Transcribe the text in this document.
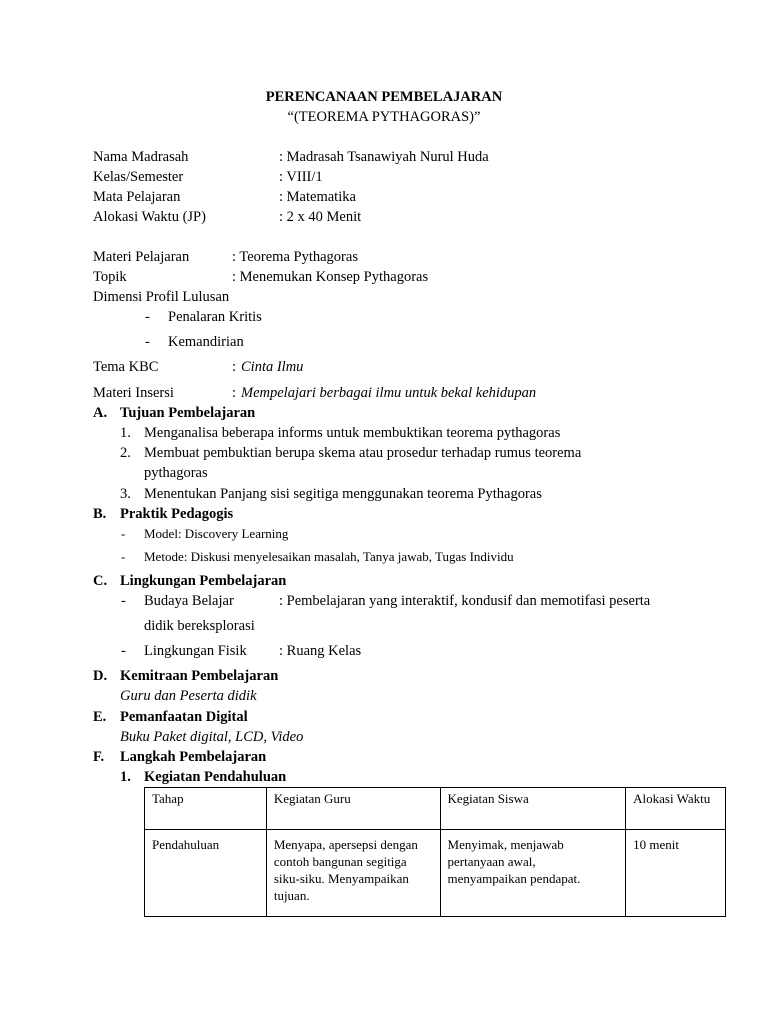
PERENCANAAN PEMBELAJARAN
“(TEOREMA PYTHAGORAS)”
Nama Madrasah	: Madrasah Tsanawiyah Nurul Huda
Kelas/Semester	: VIII/1
Mata Pelajaran	: Matematika
Alokasi Waktu (JP)	: 2 x 40 Menit
Materi Pelajaran	: Teorema Pythagoras
Topik	: Menemukan Konsep Pythagoras
Dimensi Profil Lulusan
- Penalaran Kritis
- Kemandirian
Tema KBC	: Cinta Ilmu
Materi Insersi	: Mempelajari berbagai ilmu untuk bekal kehidupan
A. Tujuan Pembelajaran
1. Menganalisa beberapa informs untuk membuktikan teorema pythagoras
2. Membuat pembuktian berupa skema atau prosedur terhadap rumus teorema
pythagoras
3. Menentukan Panjang sisi segitiga menggunakan teorema Pythagoras
B. Praktik Pedagogis
- Model: Discovery Learning
- Metode: Diskusi menyelesaikan masalah, Tanya jawab, Tugas Individu
C. Lingkungan Pembelajaran
- Budaya Belajar	: Pembelajaran yang interaktif, kondusif dan memotifasi peserta
didik bereksplorasi
- Lingkungan Fisik : Ruang Kelas
D. Kemitraan Pembelajaran
Guru dan Peserta didik
E. Pemanfaatan Digital
Buku Paket digital, LCD, Video
F. Langkah Pembelajaran
1. Kegiatan Pendahuluan
Tahap	Kegiatan Guru	Kegiatan Siswa	Alokasi Waktu
Pendahuluan	Menyapa, apersepsi dengan contoh bangunan segitiga siku-siku. Menyampaikan tujuan.	Menyimak, menjawab pertanyaan awal, menyampaikan pendapat.	10 menit
